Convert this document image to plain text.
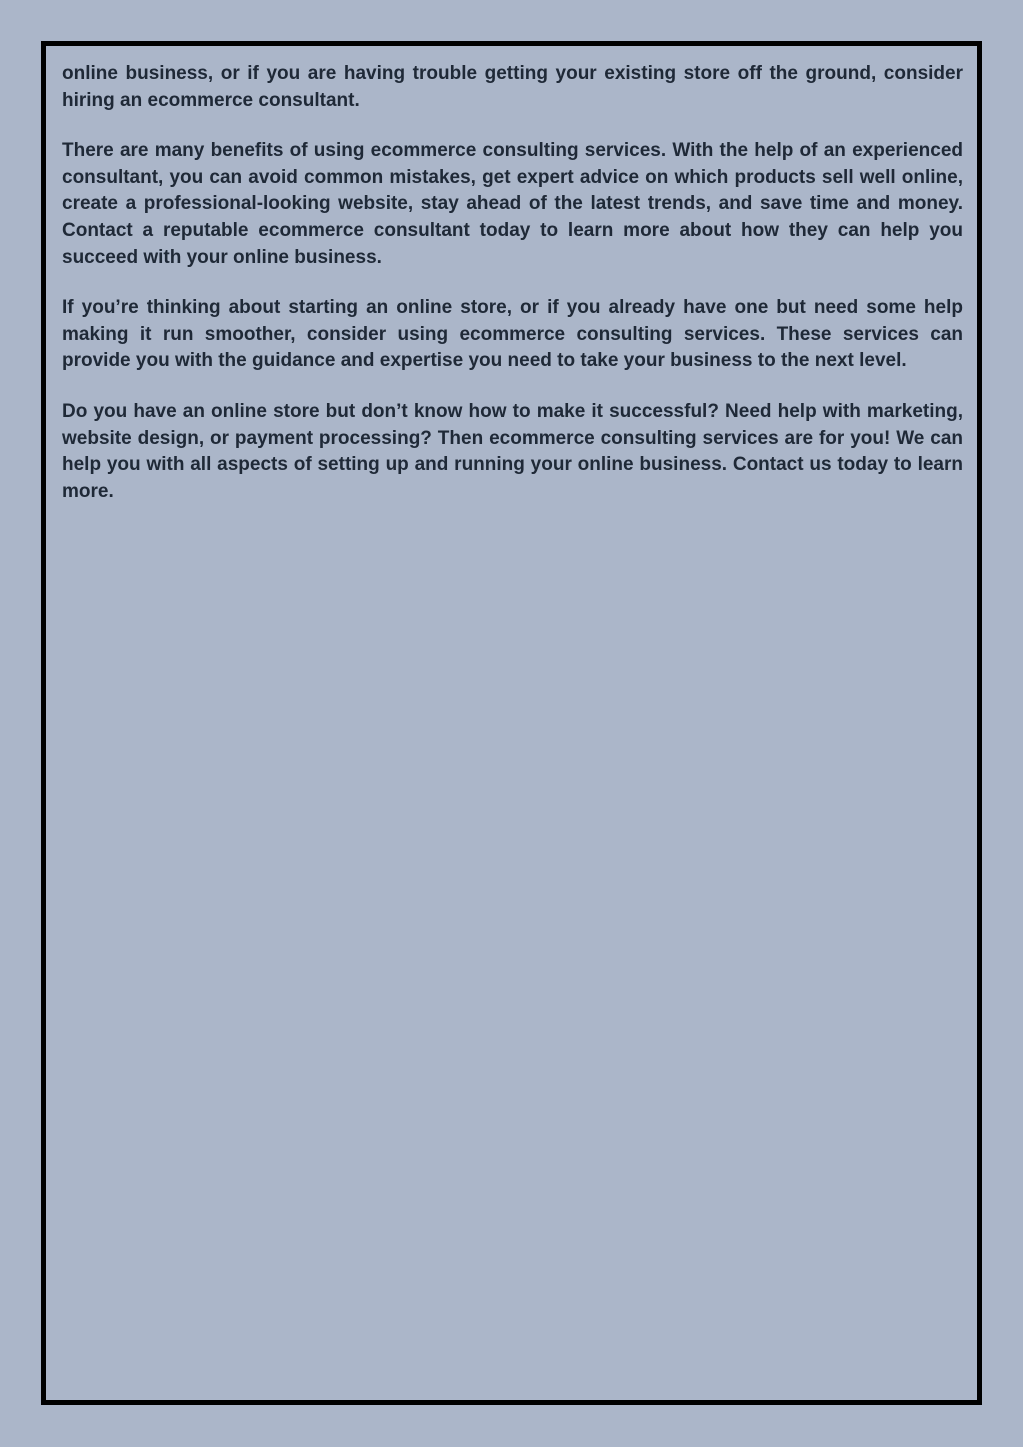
online business, or if you are having trouble getting your existing store off the ground, consider hiring an ecommerce consultant.

There are many benefits of using ecommerce consulting services. With the help of an experienced consultant, you can avoid common mistakes, get expert advice on which products sell well online, create a professional-looking website, stay ahead of the latest trends, and save time and money. Contact a reputable ecommerce consultant today to learn more about how they can help you succeed with your online business.

If you’re thinking about starting an online store, or if you already have one but need some help making it run smoother, consider using ecommerce consulting services. These services can provide you with the guidance and expertise you need to take your business to the next level.

Do you have an online store but don’t know how to make it successful? Need help with marketing, website design, or payment processing? Then ecommerce consulting services are for you! We can help you with all aspects of setting up and running your online business. Contact us today to learn more.
